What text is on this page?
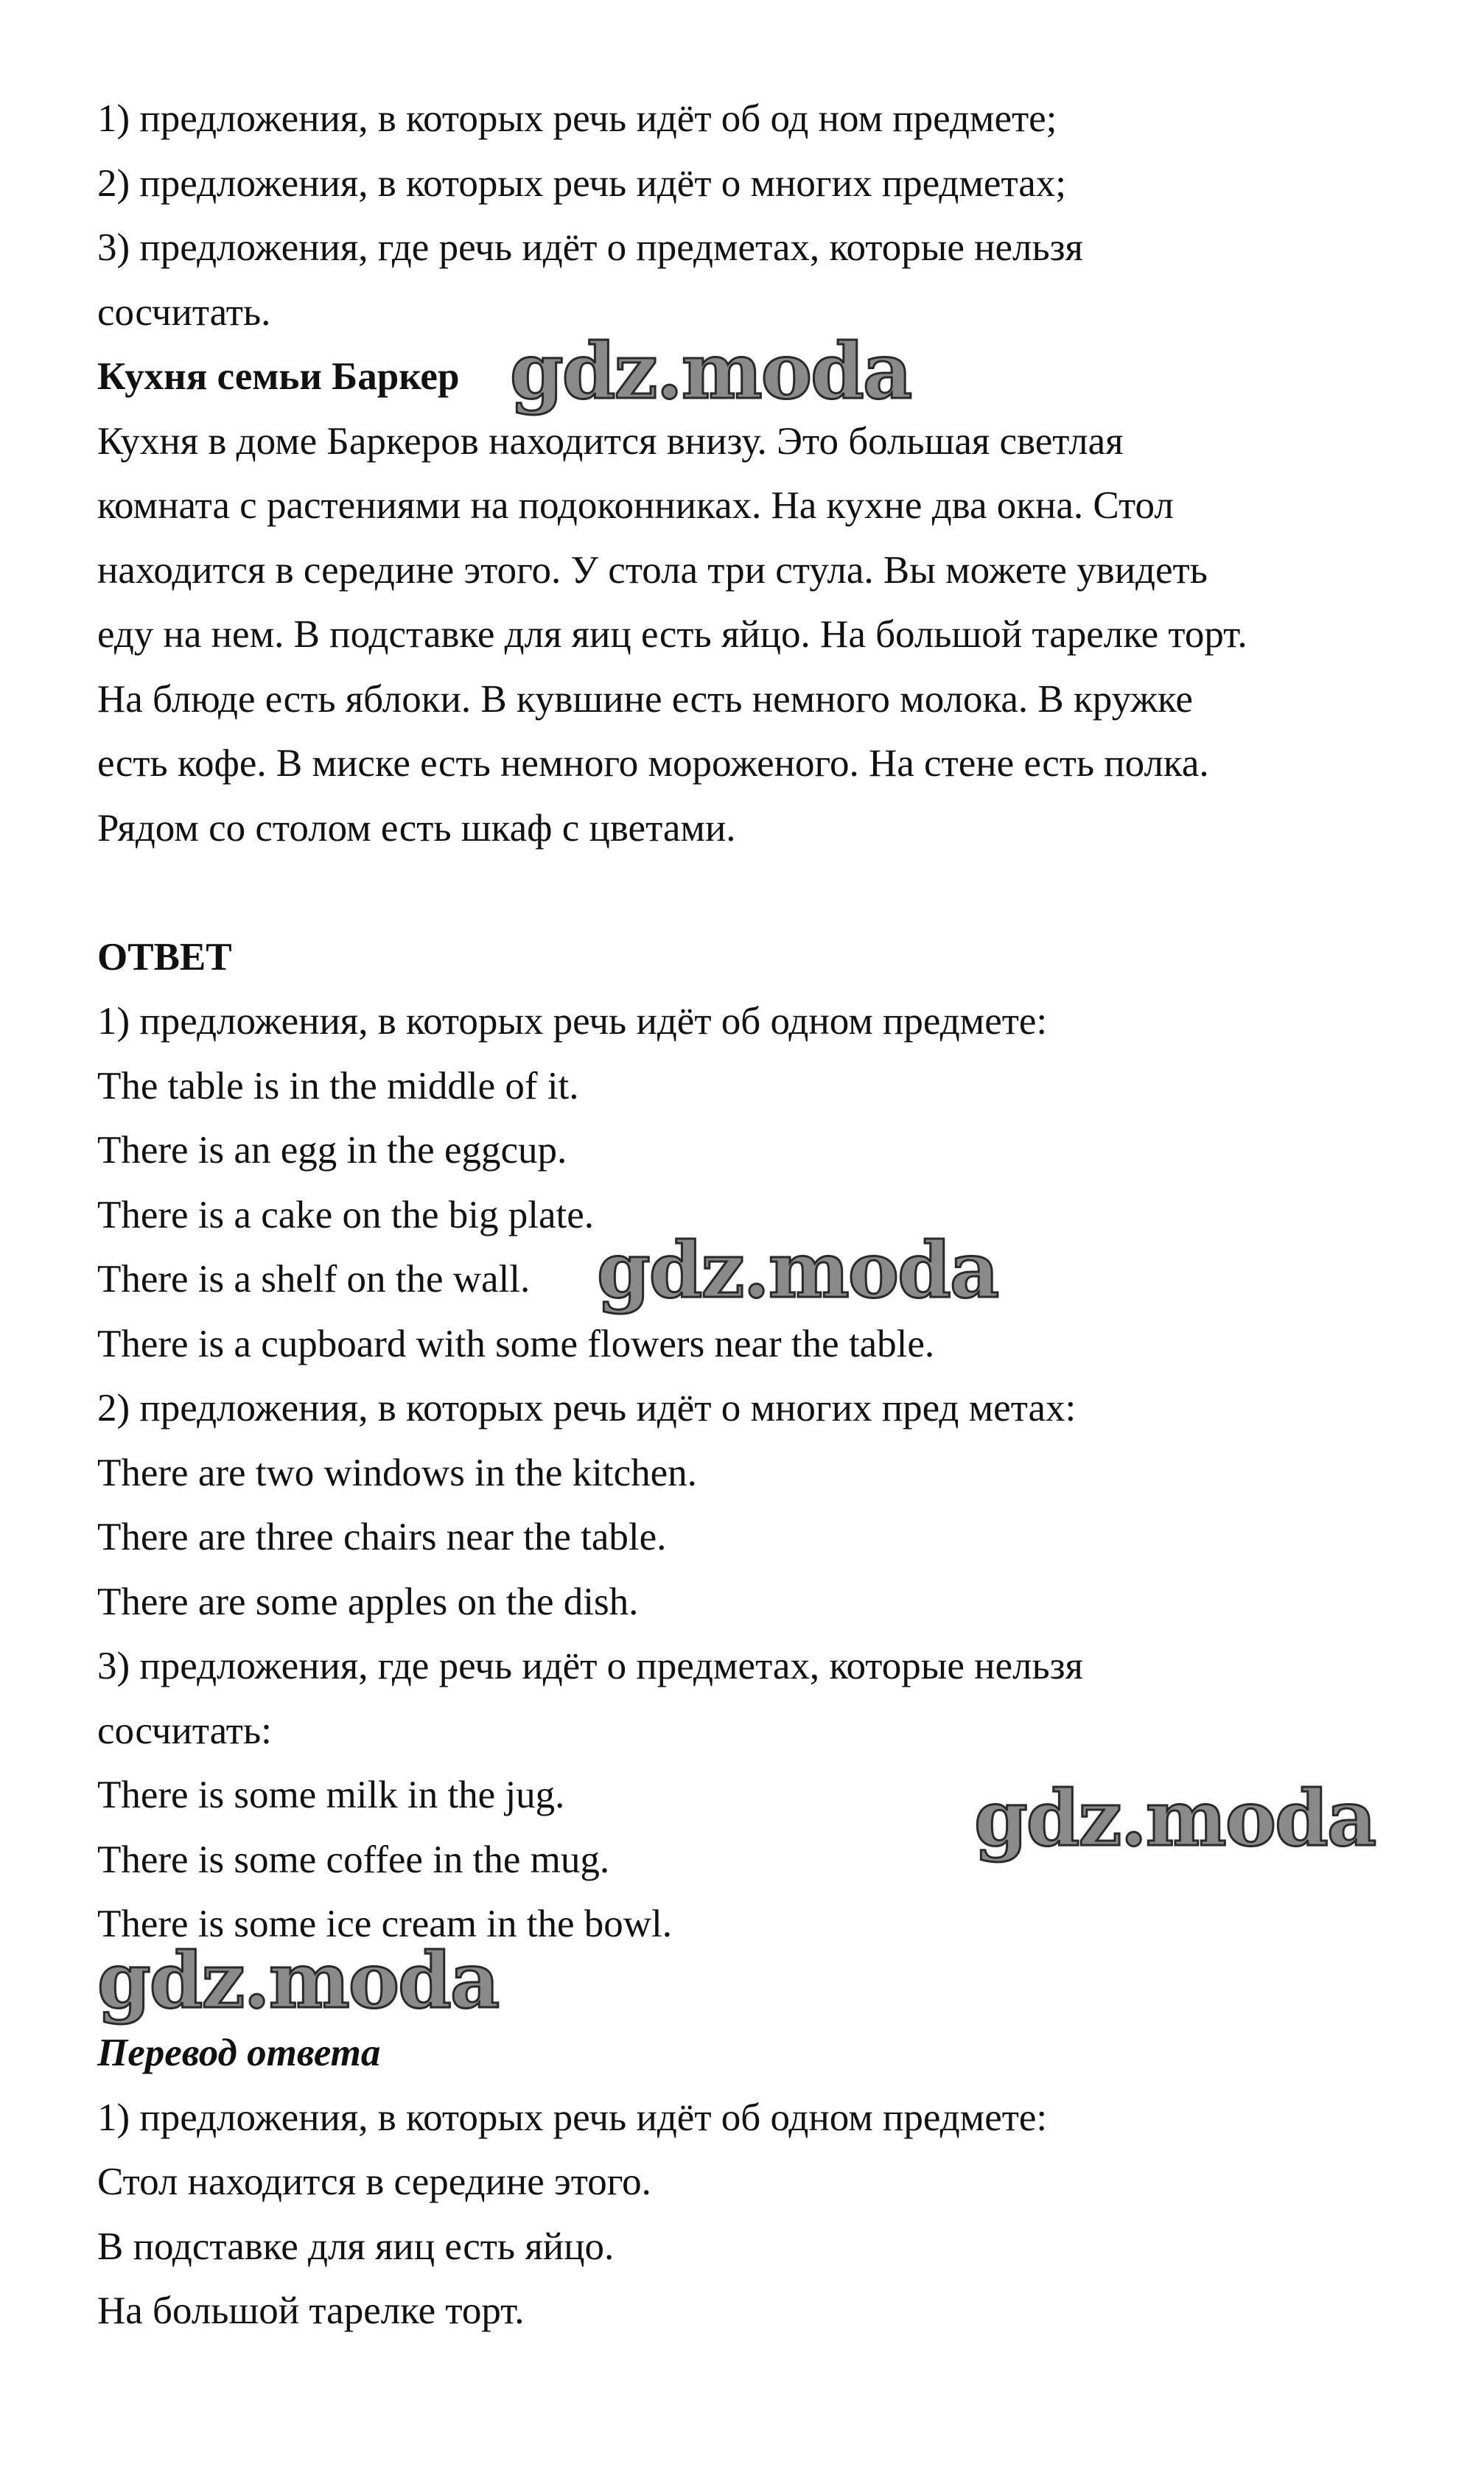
1) предложения, в которых речь идёт об од ном предмете;
2) предложения, в которых речь идёт о многих предметах;
3) предложения, где речь идёт о предметах, которые нельзя
сосчитать.
Кухня семьи Баркер
Кухня в доме Баркеров находится внизу. Это большая светлая
комната с растениями на подоконниках. На кухне два окна. Стол
находится в середине этого. У стола три стула. Вы можете увидеть
еду на нем. В подставке для яиц есть яйцо. На большой тарелке торт.
На блюде есть яблоки. В кувшине есть немного молока. В кружке
есть кофе. В миске есть немного мороженого. На стене есть полка.
Рядом со столом есть шкаф с цветами.
ОТВЕТ
1) предложения, в которых речь идёт об одном предмете:
The table is in the middle of it.
There is an egg in the eggcup.
There is a cake on the big plate.
There is a shelf on the wall.
There is a cupboard with some flowers near the table.
2) предложения, в которых речь идёт о многих пред метах:
There are two windows in the kitchen.
There are three chairs near the table.
There are some apples on the dish.
3) предложения, где речь идёт о предметах, которые нельзя
сосчитать:
There is some milk in the jug.
There is some coffee in the mug.
There is some ice cream in the bowl.
Перевод ответа
1) предложения, в которых речь идёт об одном предмете:
Стол находится в середине этого.
В подставке для яиц есть яйцо.
На большой тарелке торт.
gdz.moda
gdz.moda
gdz.moda
gdz.moda
